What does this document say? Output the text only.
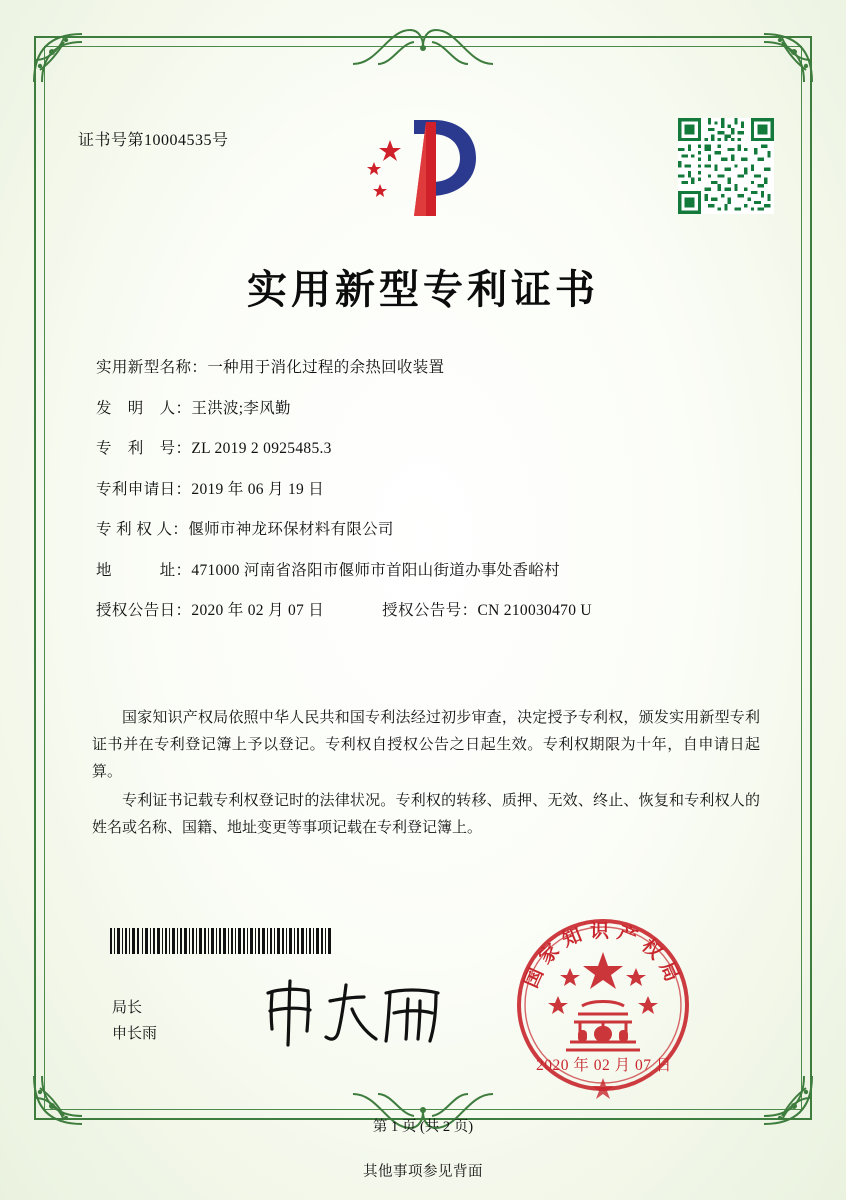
证书号第10004535号
实用新型专利证书
实用新型名称： 一种用于消化过程的余热回收装置
发　明　人： 王洪波;李风勤
专　利　号： ZL 2019 2 0925485.3
专利申请日： 2019 年 06 月 19 日
专 利 权 人： 偃师市神龙环保材料有限公司
地　　　址： 471000 河南省洛阳市偃师市首阳山街道办事处香峪村
授权公告日： 2020 年 02 月 07 日	授权公告号： CN 210030470 U

国家知识产权局依照中华人民共和国专利法经过初步审查，决定授予专利权，颁发实用新型专利证书并在专利登记簿上予以登记。专利权自授权公告之日起生效。专利权期限为十年，自申请日起算。

专利证书记载专利权登记时的法律状况。专利权的转移、质押、无效、终止、恢复和专利权人的姓名或名称、国籍、地址变更等事项记载在专利登记簿上。

局长
申长雨
国家知识产权局
2020 年 02 月 07 日
第 1 页 (共 2 页)
其他事项参见背面
